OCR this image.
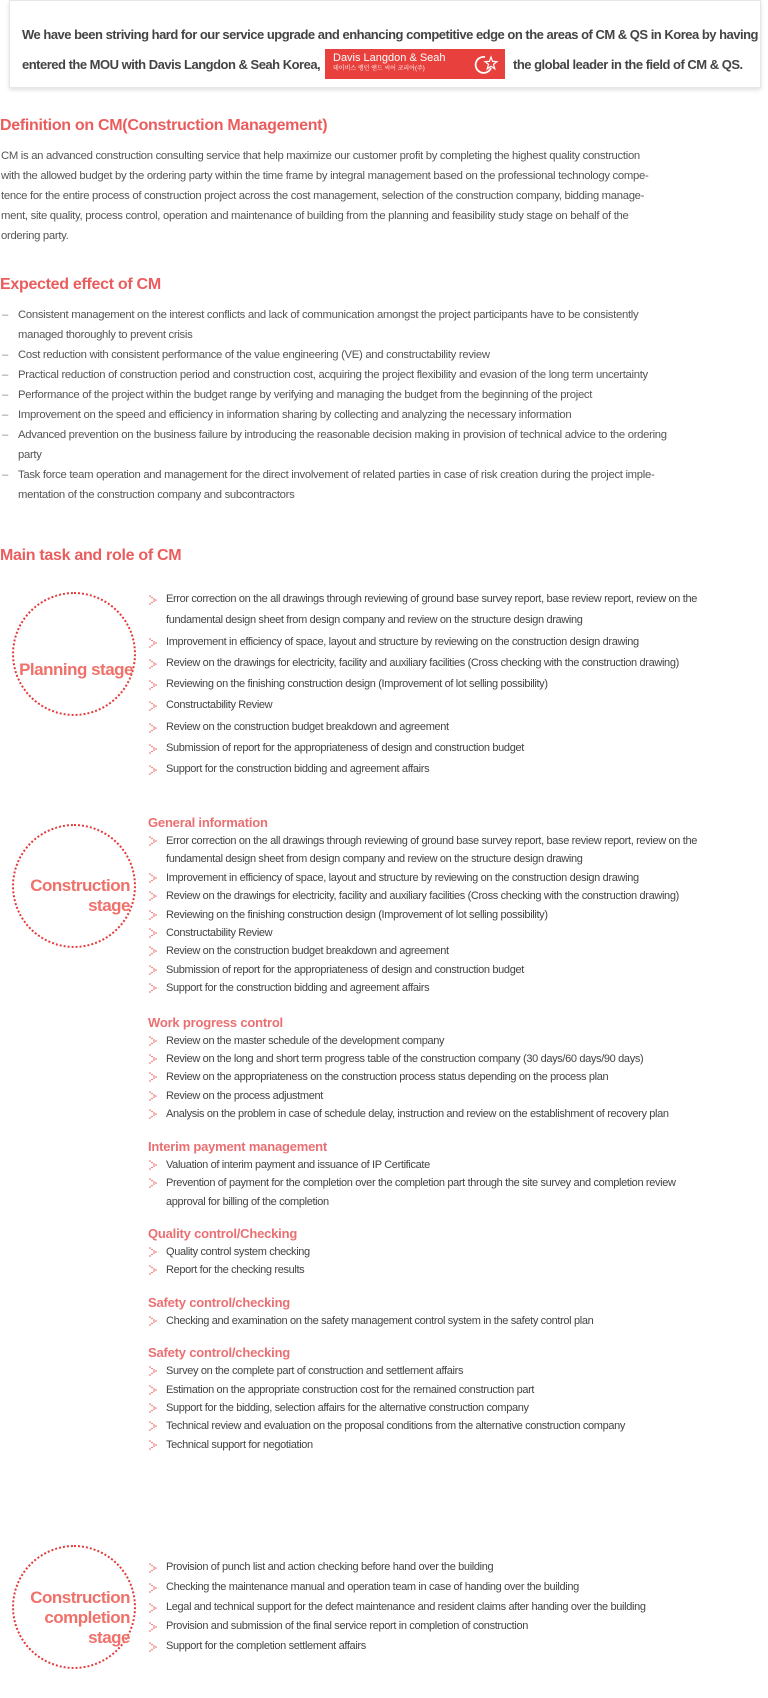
We have been striving hard for our service upgrade and enhancing competitive edge on the areas of CM & QS in Korea by having

entered the MOU with Davis Langdon & Seah Korea, Davis Langdon & Seah
데이비스 랭던 앤드 씨어 코리아(주)	the global leader in the field of CM & QS.

Definition on CM(Construction Management)
CM is an advanced construction consulting service that help maximize our customer profit by completing the highest quality construction
with the allowed budget by the ordering party within the time frame by integral management based on the professional technology compe-
tence for the entire process of construction project across the cost management, selection of the construction company, bidding manage-
ment, site quality, process control, operation and maintenance of building from the planning and feasibility study stage on behalf of the
ordering party.
Expected effect of CM
– Consistent management on the interest conflicts and lack of communication amongst the project participants have to be consistently
managed thoroughly to prevent crisis
– Cost reduction with consistent performance of the value engineering (VE) and constructability review
– Practical reduction of construction period and construction cost, acquiring the project flexibility and evasion of the long term uncertainty
– Performance of the project within the budget range by verifying and managing the budget from the beginning of the project
– Improvement on the speed and efficiency in information sharing by collecting and analyzing the necessary information
– Advanced prevention on the business failure by introducing the reasonable decision making in provision of technical advice to the ordering
party
– Task force team operation and management for the direct involvement of related parties in case of risk creation during the project imple-
mentation of the construction company and subcontractors
Main task and role of CM
Planning stage
Error correction on the all drawings through reviewing of ground base survey report, base review report, review on the
fundamental design sheet from design company and review on the structure design drawing
Improvement in efficiency of space, layout and structure by reviewing on the construction design drawing
Review on the drawings for electricity, facility and auxiliary facilities (Cross checking with the construction drawing)
Reviewing on the finishing construction design (Improvement of lot selling possibility)
Constructability Review
Review on the construction budget breakdown and agreement
Submission of report for the appropriateness of design and construction budget
Support for the construction bidding and agreement affairs
Construction
stage
General information
Error correction on the all drawings through reviewing of ground base survey report, base review report, review on the
fundamental design sheet from design company and review on the structure design drawing
Improvement in efficiency of space, layout and structure by reviewing on the construction design drawing
Review on the drawings for electricity, facility and auxiliary facilities (Cross checking with the construction drawing)
Reviewing on the finishing construction design (Improvement of lot selling possibility)
Constructability Review
Review on the construction budget breakdown and agreement
Submission of report for the appropriateness of design and construction budget
Support for the construction bidding and agreement affairs
Work progress control
Review on the master schedule of the development company
Review on the long and short term progress table of the construction company (30 days/60 days/90 days)
Review on the appropriateness on the construction process status depending on the process plan
Review on the process adjustment
Analysis on the problem in case of schedule delay, instruction and review on the establishment of recovery plan
Interim payment management
Valuation of interim payment and issuance of IP Certificate
Prevention of payment for the completion over the completion part through the site survey and completion review
approval for billing of the completion
Quality control/Checking
Quality control system checking
Report for the checking results
Safety control/checking
Checking and examination on the safety management control system in the safety control plan
Safety control/checking
Survey on the complete part of construction and settlement affairs
Estimation on the appropriate construction cost for the remained construction part
Support for the bidding, selection affairs for the alternative construction company
Technical review and evaluation on the proposal conditions from the alternative construction company
Technical support for negotiation
Construction
completion
stage
Provision of punch list and action checking before hand over the building
Checking the maintenance manual and operation team in case of handing over the building
Legal and technical support for the defect maintenance and resident claims after handing over the building
Provision and submission of the final service report in completion of construction
Support for the completion settlement affairs
